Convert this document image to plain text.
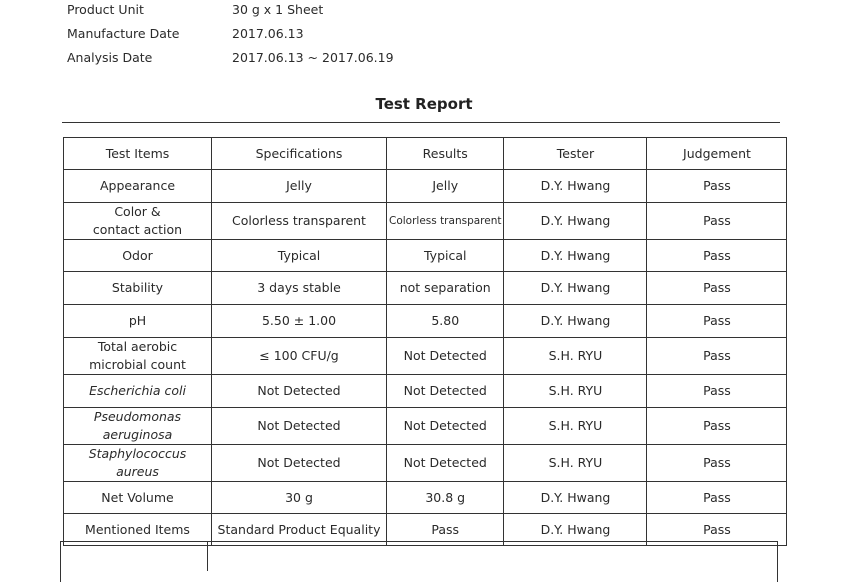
Product Unit	30 g x 1 Sheet
Manufacture Date	2017.06.13
Analysis Date	2017.06.13 ~ 2017.06.19
Test Report
Test Items	Specifications	Results	Tester	Judgement
Appearance	Jelly	Jelly	D.Y. Hwang	Pass
Color &
contact action	Colorless transparent	Colorless transparent	D.Y. Hwang	Pass
Odor	Typical	Typical	D.Y. Hwang	Pass
Stability	3 days stable	not separation	D.Y. Hwang	Pass
pH	5.50 ± 1.00	5.80	D.Y. Hwang	Pass
Total aerobic
microbial count	≤ 100 CFU/g	Not Detected	S.H. RYU	Pass
Escherichia coli	Not Detected	Not Detected	S.H. RYU	Pass
Pseudomonas
aeruginosa	Not Detected	Not Detected	S.H. RYU	Pass
Staphylococcus
aureus	Not Detected	Not Detected	S.H. RYU	Pass
Net Volume	30 g	30.8 g	D.Y. Hwang	Pass
Mentioned Items	Standard Product Equality	Pass	D.Y. Hwang	Pass
